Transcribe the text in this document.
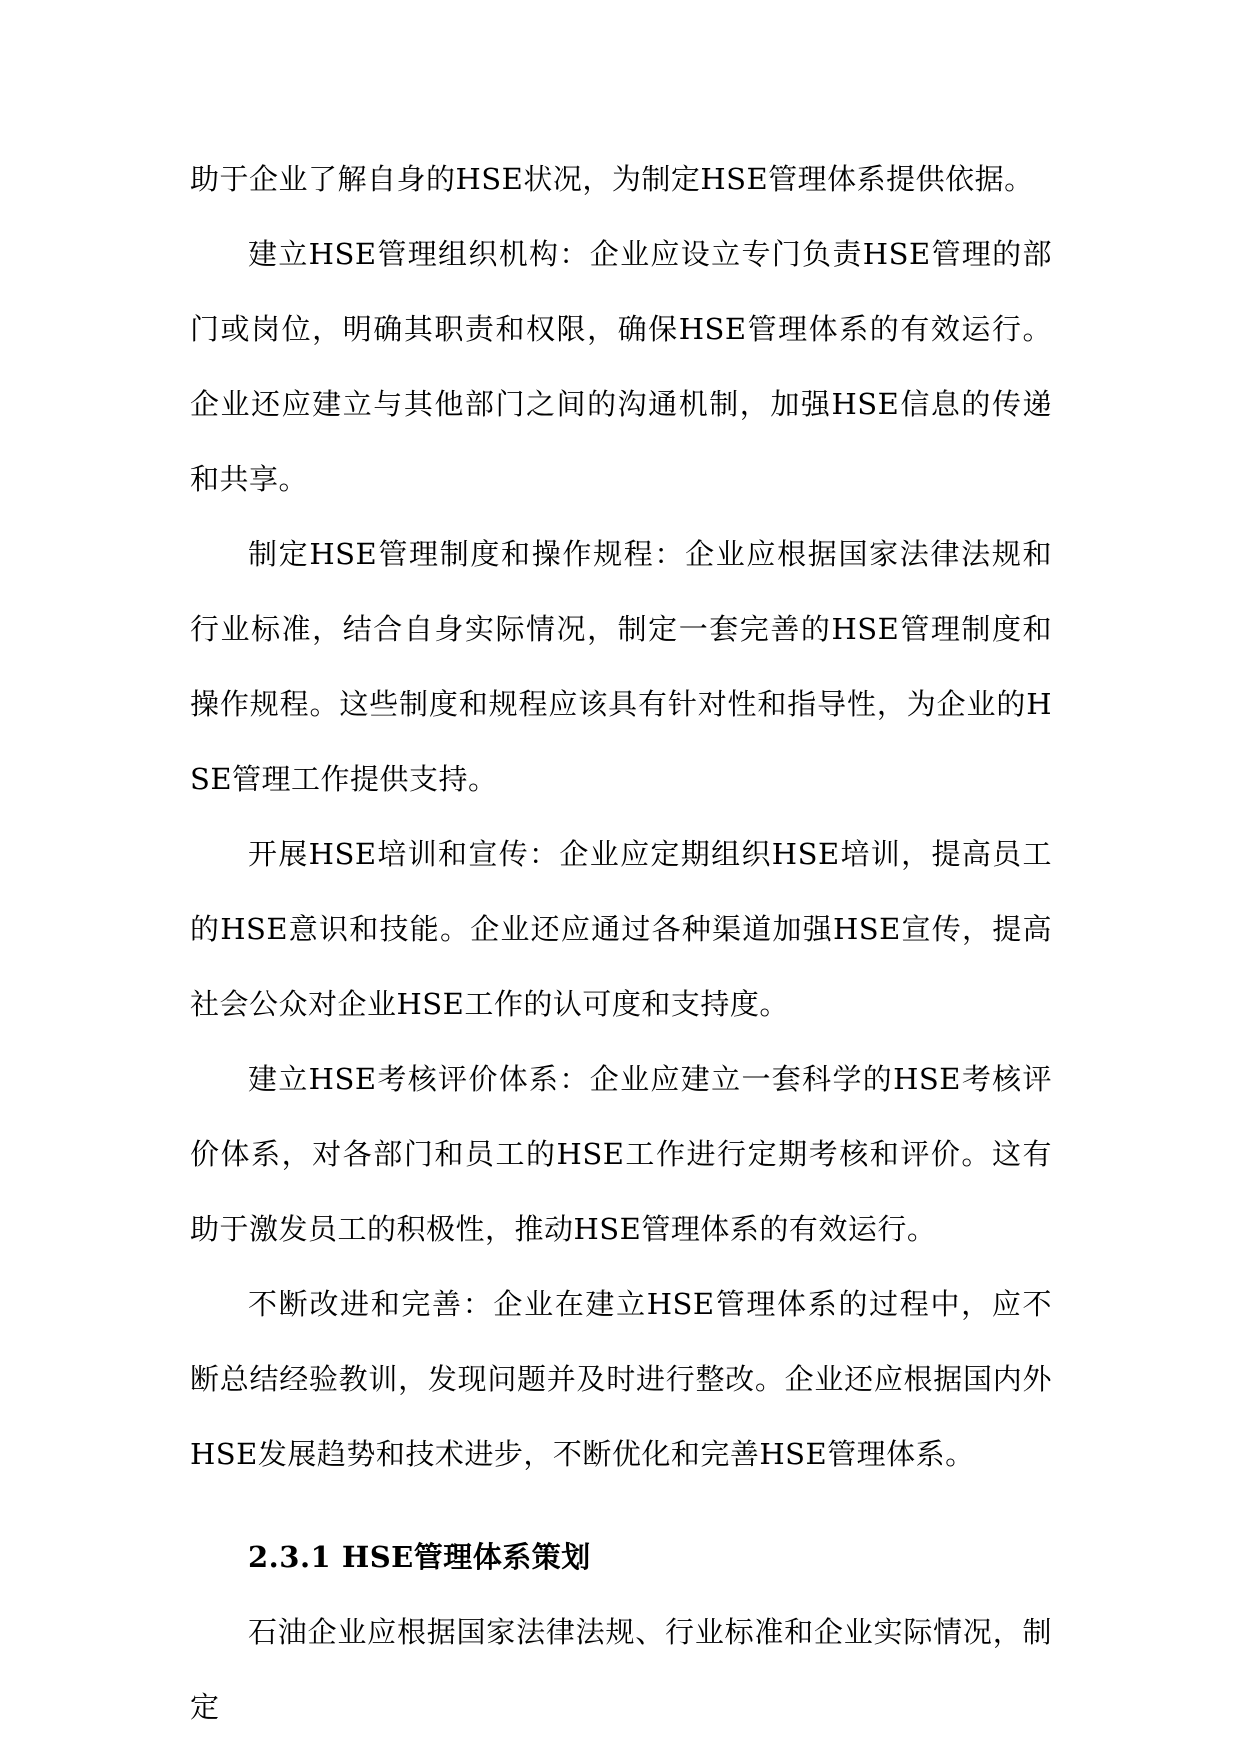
助于企业了解自身的HSE状况，为制定HSE管理体系提供依据。

建立HSE管理组织机构：企业应设立专门负责HSE管理的部门或岗位，明确其职责和权限，确保HSE管理体系的有效运行。企业还应建立与其他部门之间的沟通机制，加强HSE信息的传递和共享。

制定HSE管理制度和操作规程：企业应根据国家法律法规和行业标准，结合自身实际情况，制定一套完善的HSE管理制度和操作规程。这些制度和规程应该具有针对性和指导性，为企业的HSE管理工作提供支持。

开展HSE培训和宣传：企业应定期组织HSE培训，提高员工的HSE意识和技能。企业还应通过各种渠道加强HSE宣传，提高社会公众对企业HSE工作的认可度和支持度。

建立HSE考核评价体系：企业应建立一套科学的HSE考核评价体系，对各部门和员工的HSE工作进行定期考核和评价。这有助于激发员工的积极性，推动HSE管理体系的有效运行。

不断改进和完善：企业在建立HSE管理体系的过程中，应不断总结经验教训，发现问题并及时进行整改。企业还应根据国内外HSE发展趋势和技术进步，不断优化和完善HSE管理体系。

2.3.1 HSE管理体系策划

石油企业应根据国家法律法规、行业标准和企业实际情况，制定
